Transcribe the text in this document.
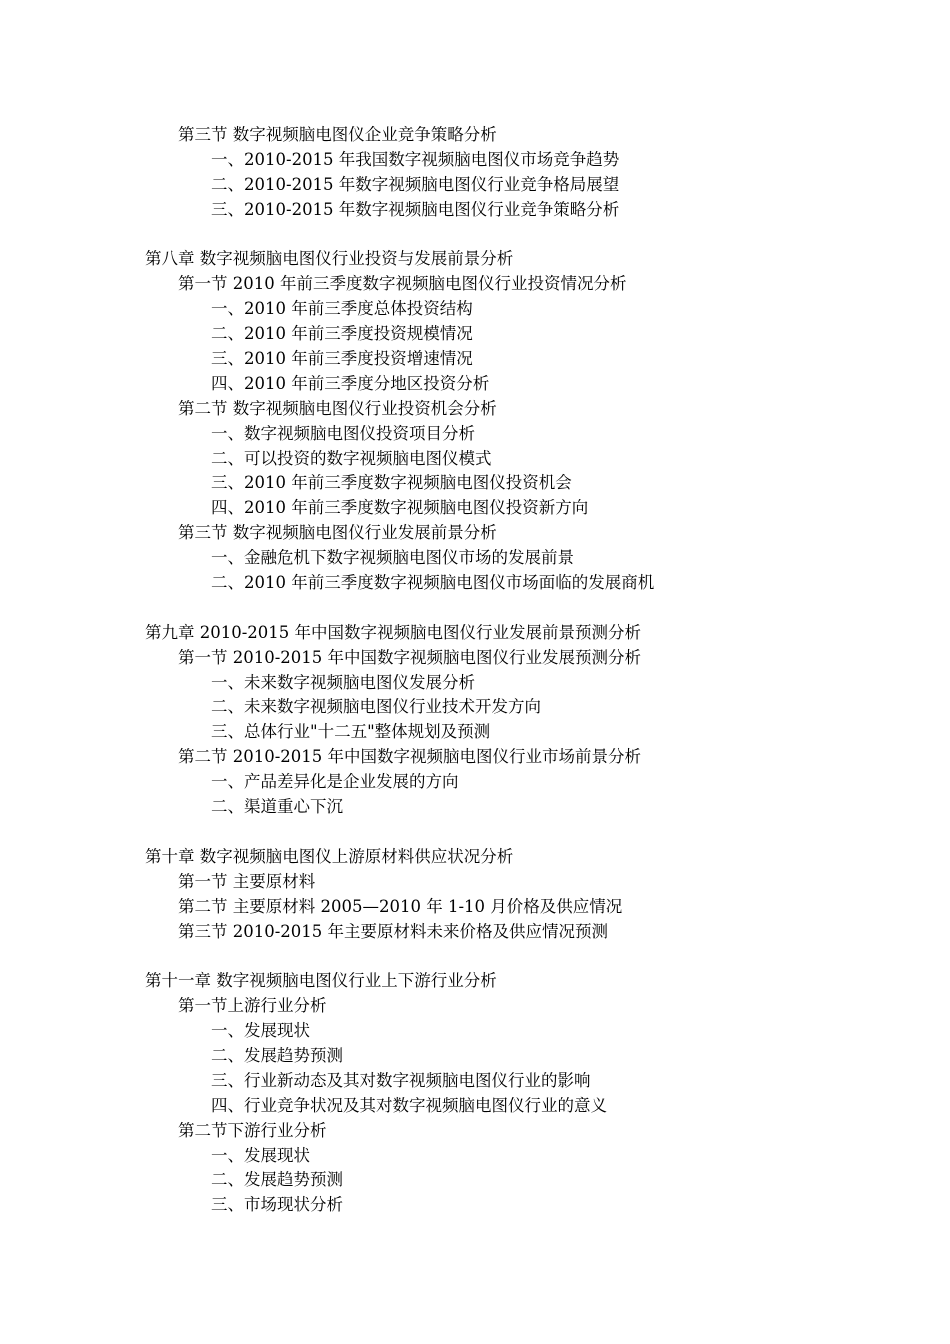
第三节 数字视频脑电图仪企业竞争策略分析
一、2010-2015 年我国数字视频脑电图仪市场竞争趋势
二、2010-2015 年数字视频脑电图仪行业竞争格局展望
三、2010-2015 年数字视频脑电图仪行业竞争策略分析
第八章 数字视频脑电图仪行业投资与发展前景分析
第一节 2010 年前三季度数字视频脑电图仪行业投资情况分析
一、2010 年前三季度总体投资结构
二、2010 年前三季度投资规模情况
三、2010 年前三季度投资增速情况
四、2010 年前三季度分地区投资分析
第二节 数字视频脑电图仪行业投资机会分析
一、数字视频脑电图仪投资项目分析
二、可以投资的数字视频脑电图仪模式
三、2010 年前三季度数字视频脑电图仪投资机会
四、2010 年前三季度数字视频脑电图仪投资新方向
第三节 数字视频脑电图仪行业发展前景分析
一、金融危机下数字视频脑电图仪市场的发展前景
二、2010 年前三季度数字视频脑电图仪市场面临的发展商机
第九章 2010-2015 年中国数字视频脑电图仪行业发展前景预测分析
第一节 2010-2015 年中国数字视频脑电图仪行业发展预测分析
一、未来数字视频脑电图仪发展分析
二、未来数字视频脑电图仪行业技术开发方向
三、总体行业"十二五"整体规划及预测
第二节 2010-2015 年中国数字视频脑电图仪行业市场前景分析
一、产品差异化是企业发展的方向
二、渠道重心下沉
第十章 数字视频脑电图仪上游原材料供应状况分析
第一节 主要原材料
第二节 主要原材料 2005—2010 年 1-10 月价格及供应情况
第三节 2010-2015 年主要原材料未来价格及供应情况预测
第十一章 数字视频脑电图仪行业上下游行业分析
第一节上游行业分析
一、发展现状
二、发展趋势预测
三、行业新动态及其对数字视频脑电图仪行业的影响
四、行业竞争状况及其对数字视频脑电图仪行业的意义
第二节下游行业分析
一、发展现状
二、发展趋势预测
三、市场现状分析
